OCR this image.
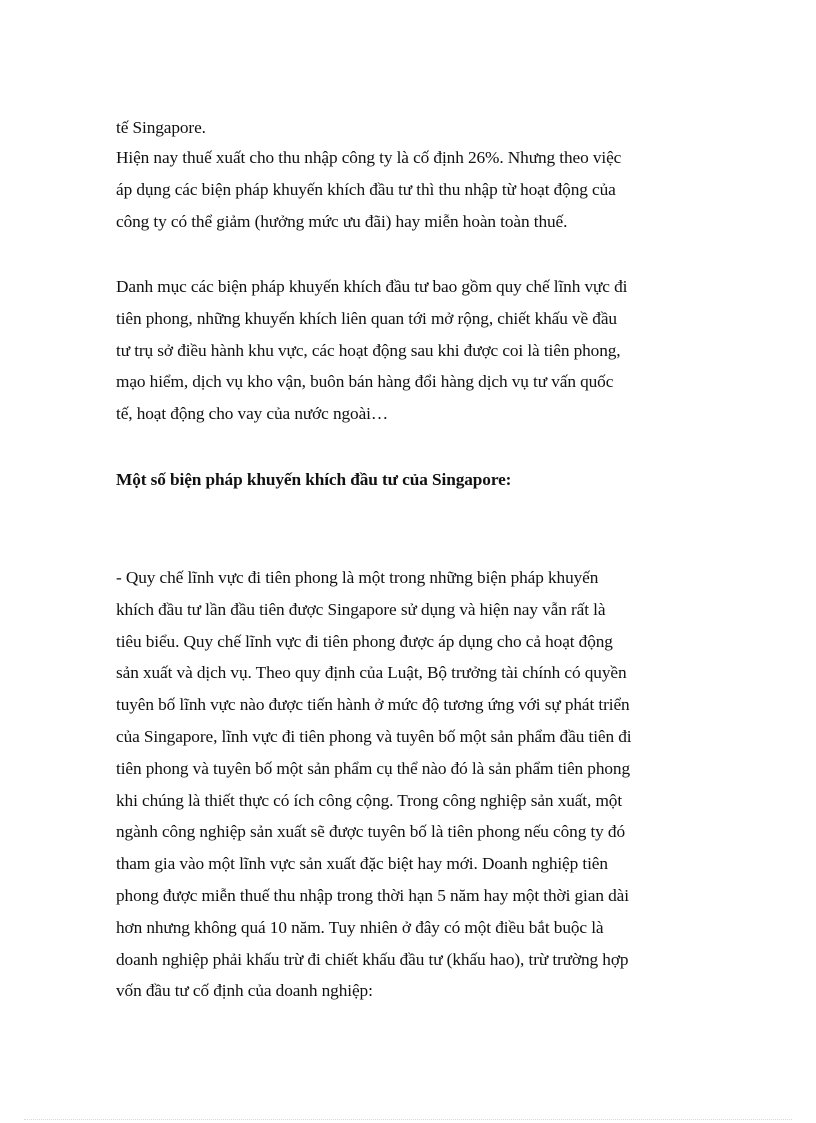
tế Singapore.
Hiện nay thuế xuất cho thu nhập công ty là cố định 26%. Nhưng theo việc
áp dụng các biện pháp khuyến khích đầu tư thì thu nhập từ hoạt động của
công ty có thể giảm (hưởng mức ưu đãi) hay miễn hoàn toàn thuế.
Danh mục các biện pháp khuyến khích đầu tư bao gồm quy chế lĩnh vực đi
tiên phong, những khuyến khích liên quan tới mở rộng, chiết khấu về đầu
tư trụ sở điều hành khu vực, các hoạt động sau khi được coi là tiên phong,
mạo hiểm, dịch vụ kho vận, buôn bán hàng đổi hàng dịch vụ tư vấn quốc
tế, hoạt động cho vay của nước ngoài…
Một số biện pháp khuyến khích đầu tư của Singapore:
- Quy chế lĩnh vực đi tiên phong là một trong những biện pháp khuyến
khích đầu tư lần đầu tiên được Singapore sử dụng và hiện nay vẫn rất là
tiêu biểu. Quy chế lĩnh vực đi tiên phong được áp dụng cho cả hoạt động
sản xuất và dịch vụ. Theo quy định của Luật, Bộ trưởng tài chính có quyền
tuyên bố lĩnh vực nào được tiến hành ở mức độ tương ứng với sự phát triển
của Singapore, lĩnh vực đi tiên phong và tuyên bố một sản phẩm đầu tiên đi
tiên phong và tuyên bố một sản phẩm cụ thể nào đó là sản phẩm tiên phong
khi chúng là thiết thực có ích công cộng. Trong công nghiệp sản xuất, một
ngành công nghiệp sản xuất sẽ được tuyên bố là tiên phong nếu công ty đó
tham gia vào một lĩnh vực sản xuất đặc biệt hay mới. Doanh nghiệp tiên
phong được miễn thuế thu nhập trong thời hạn 5 năm hay một thời gian dài
hơn nhưng không quá 10 năm. Tuy nhiên ở đây có một điều bắt buộc là
doanh nghiệp phải khấu trừ đi chiết khấu đầu tư (khấu hao), trừ trường hợp
vốn đầu tư cố định của doanh nghiệp:
